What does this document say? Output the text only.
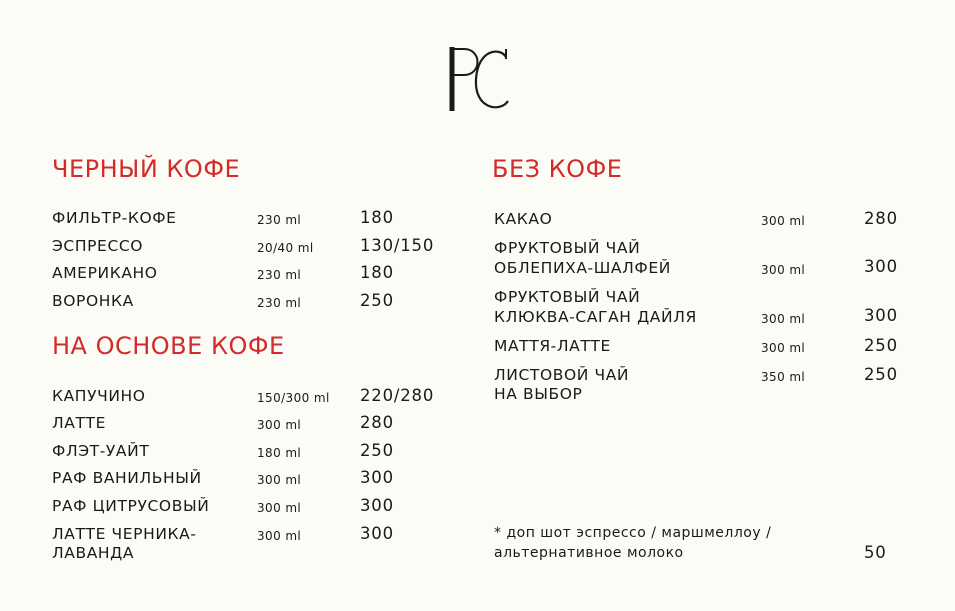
ЧЕРНЫЙ КОФЕ
ФИЛЬТР-КОФЕ	230 ml	180
ЭСПРЕССО	20/40 ml	130/150
АМЕРИКАНО	230 ml	180
ВОРОНКА	230 ml	250
НА ОСНОВЕ КОФЕ
КАПУЧИНО	150/300 ml 220/280
ЛАТТЕ	300 ml	280
ФЛЭТ-УАЙТ	180 ml	250
РАФ ВАНИЛЬНЫЙ	300 ml	300
РАФ ЦИТРУСОВЫЙ	300 ml	300
ЛАТТЕ ЧЕРНИКА-
ЛАВАНДА
300 ml	300
БЕЗ КОФЕ
КАКАО	300 ml	280
ФРУКТОВЫЙ ЧАЙ
ОБЛЕПИХА-ШАЛФЕЙ	300 ml	300
ФРУКТОВЫЙ ЧАЙ
КЛЮКВА-САГАН ДАЙЛЯ	300 ml	300
МАТТЯ-ЛАТТЕ	300 ml	250
ЛИСТОВОЙ ЧАЙ
НА ВЫБОР
350 ml	250
* доп шот эспрессо / маршмеллоу /
альтернативное молоко	50
